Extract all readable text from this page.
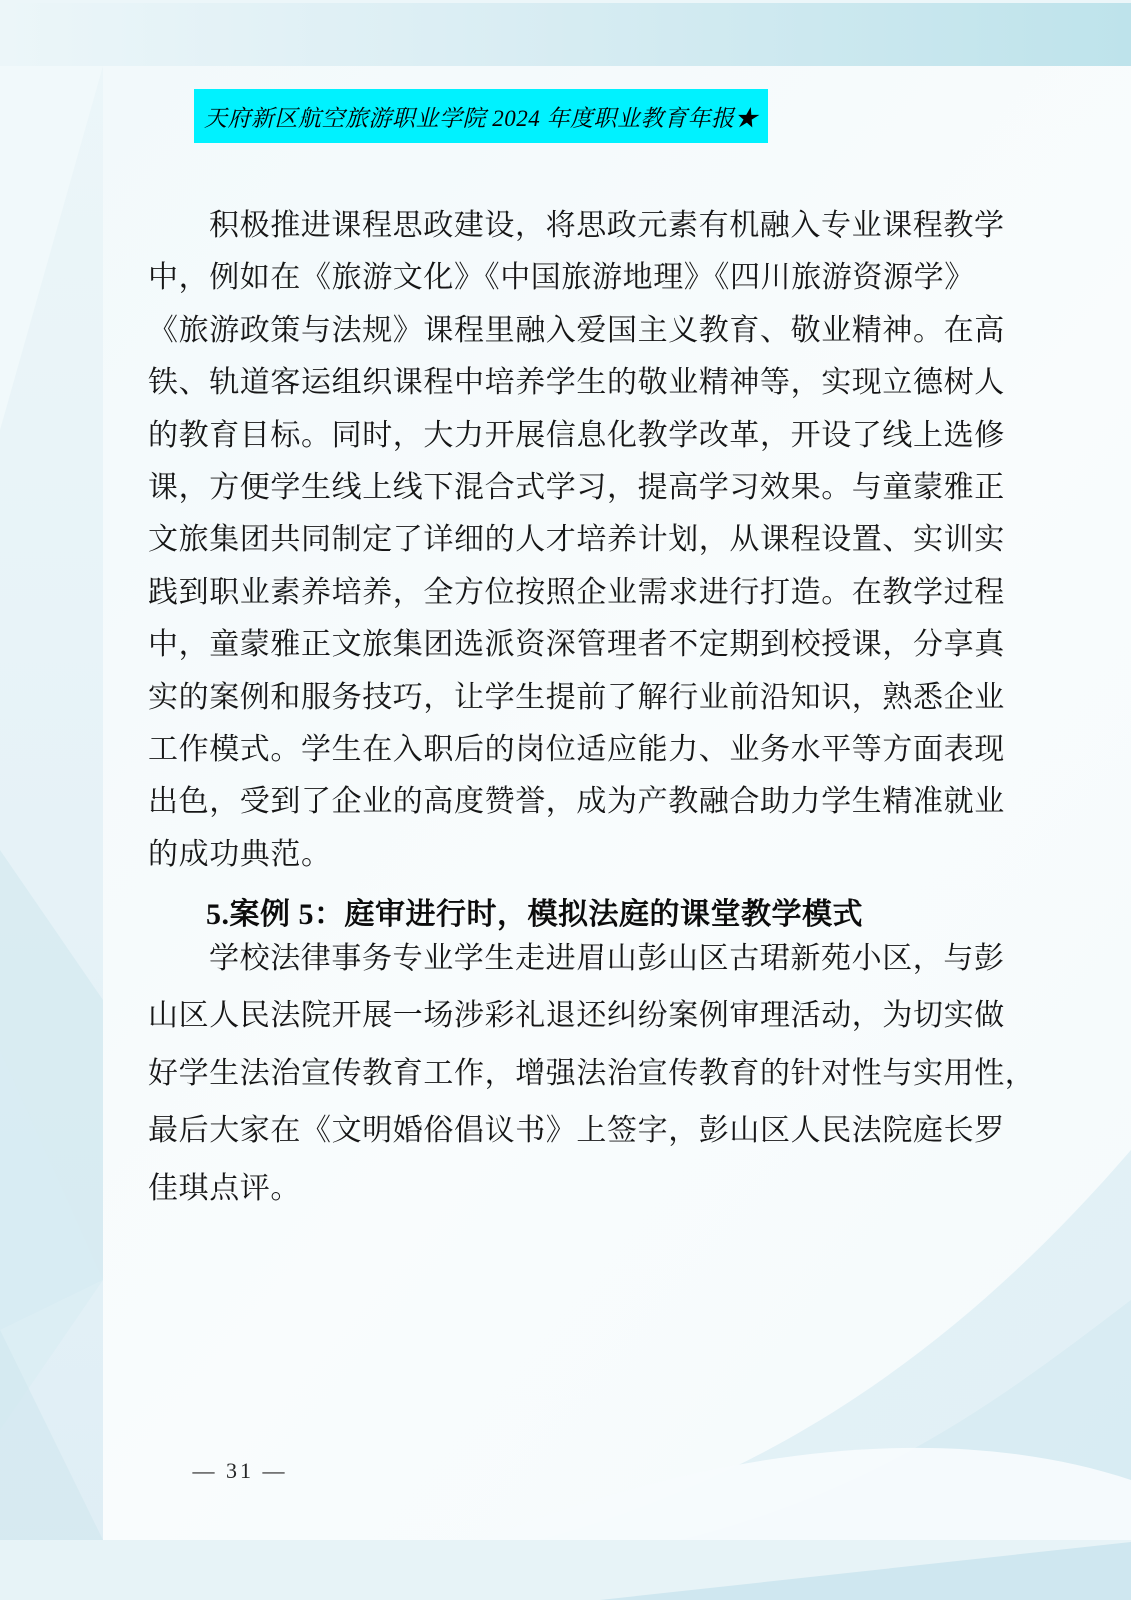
天府新区航空旅游职业学院 2024 年度职业教育年报★
积极推进课程思政建设，将思政元素有机融入专业课程教学
中，例如在《旅游文化》《中国旅游地理》《四川旅游资源学》
《旅游政策与法规》课程里融入爱国主义教育、敬业精神。在高
铁、轨道客运组织课程中培养学生的敬业精神等，实现立德树人
的教育目标。同时，大力开展信息化教学改革，开设了线上选修
课，方便学生线上线下混合式学习，提高学习效果。与童蒙雅正
文旅集团共同制定了详细的人才培养计划，从课程设置、实训实
践到职业素养培养，全方位按照企业需求进行打造。在教学过程
中，童蒙雅正文旅集团选派资深管理者不定期到校授课，分享真
实的案例和服务技巧，让学生提前了解行业前沿知识，熟悉企业
工作模式。学生在入职后的岗位适应能力、业务水平等方面表现
出色，受到了企业的高度赞誉，成为产教融合助力学生精准就业
的成功典范。
5.案例 5：庭审进行时，模拟法庭的课堂教学模式
学校法律事务专业学生走进眉山彭山区古珺新苑小区，与彭
山区人民法院开展一场涉彩礼退还纠纷案例审理活动，为切实做
好学生法治宣传教育工作，增强法治宣传教育的针对性与实用性，
最后大家在《文明婚俗倡议书》上签字，彭山区人民法院庭长罗
佳琪点评。
— 31 —
